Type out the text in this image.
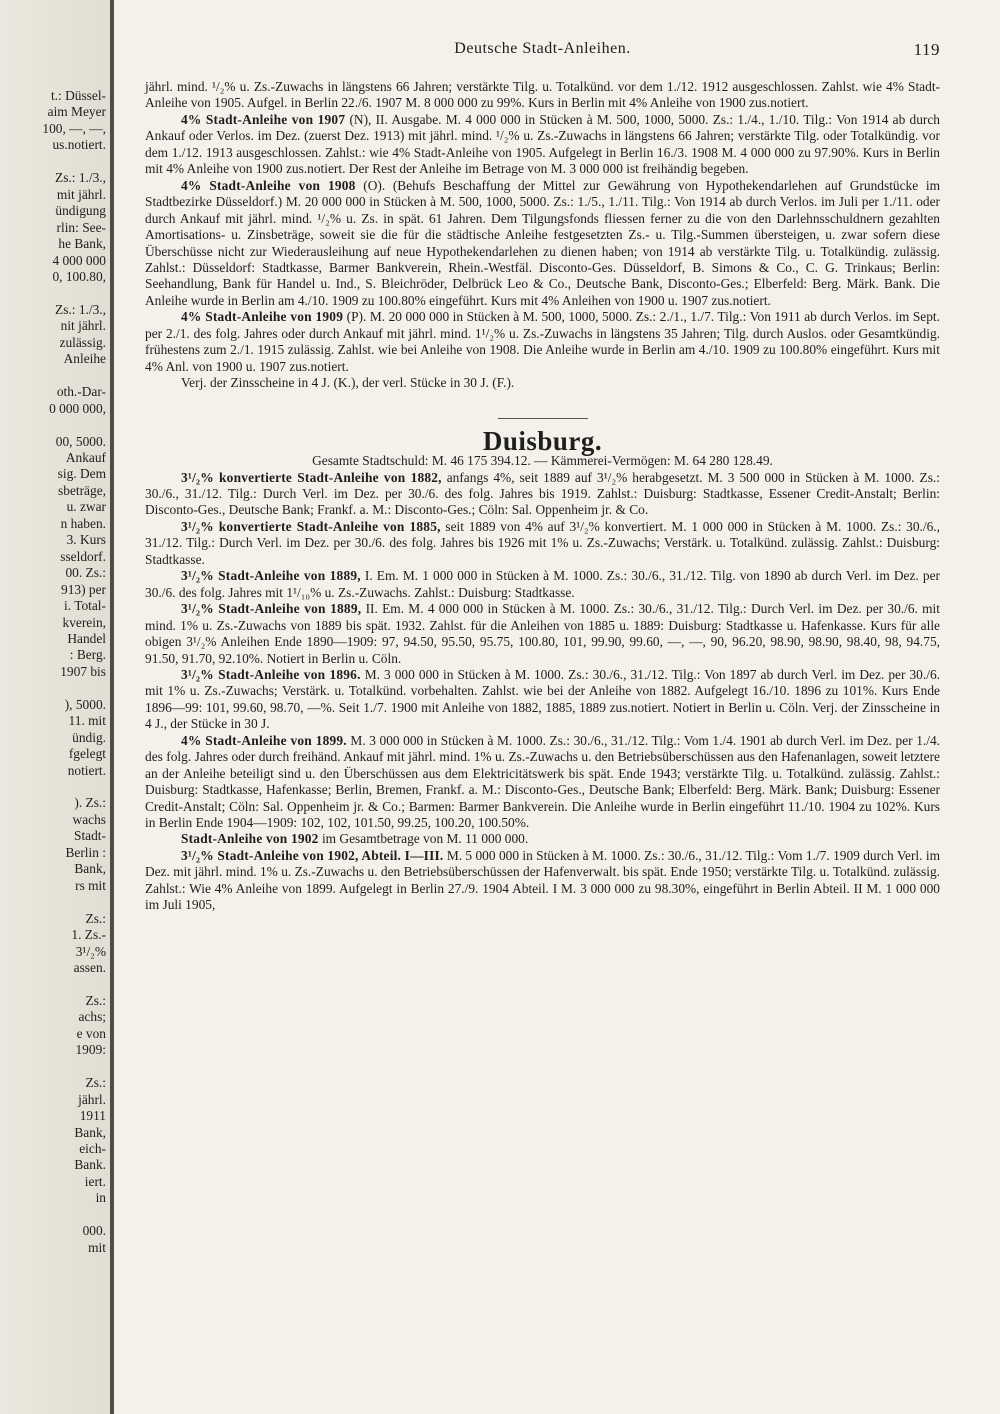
t.: Düssel-
aim Meyer
100, —, —,
us.notiert.

Zs.: 1./3.,
mit jährl.
ündigung
rlin: See-
he Bank,
4 000 000
0, 100.80,

Zs.: 1./3.,
nit jährl.
zulässig.
Anleihe

oth.-Dar-
0 000 000,

00, 5000.
Ankauf
sig. Dem
sbeträge,
u. zwar
n haben.
3. Kurs
sseldorf.
00. Zs.:
913) per
i. Total-
kverein,
Handel
: Berg.
1907 bis

), 5000.
11. mit
ündig.
fgelegt
notiert.

). Zs.:
wachs
Stadt-
Berlin :
Bank,
rs mit

Zs.:
1. Zs.-
3¹/₂%
assen.

Zs.:
achs;
e von
1909:

Zs.:
jährl.
1911
Bank,
eich-
Bank.
iert.
in

000.
mit
Deutsche Stadt-Anleihen.	119

jährl. mind. ¹/₂% u. Zs.-Zuwachs in längstens 66 Jahren; verstärkte Tilg. u. Totalkünd. vor dem 1./12. 1912 ausgeschlossen. Zahlst. wie 4% Stadt-Anleihe von 1905. Aufgel. in Berlin 22./6. 1907 M. 8 000 000 zu 99%. Kurs in Berlin mit 4% Anleihe von 1900 zus.notiert.

4% Stadt-Anleihe von 1907 (N), II. Ausgabe. M. 4 000 000 in Stücken à M. 500, 1000, 5000. Zs.: 1./4., 1./10. Tilg.: Von 1914 ab durch Ankauf oder Verlos. im Dez. (zuerst Dez. 1913) mit jährl. mind. ¹/₂% u. Zs.-Zuwachs in längstens 66 Jahren; verstärkte Tilg. oder Totalkündig. vor dem 1./12. 1913 ausgeschlossen. Zahlst.: wie 4% Stadt-Anleihe von 1905. Aufgelegt in Berlin 16./3. 1908 M. 4 000 000 zu 97.90%. Kurs in Berlin mit 4% Anleihe von 1900 zus.notiert. Der Rest der Anleihe im Betrage von M. 3 000 000 ist freihändig begeben.

4% Stadt-Anleihe von 1908 (O). (Behufs Beschaffung der Mittel zur Gewährung von Hypothekendarlehen auf Grundstücke im Stadtbezirke Düsseldorf.) M. 20 000 000 in Stücken à M. 500, 1000, 5000. Zs.: 1./5., 1./11. Tilg.: Von 1914 ab durch Verlos. im Juli per 1./11. oder durch Ankauf mit jährl. mind. ¹/₂% u. Zs. in spät. 61 Jahren. Dem Tilgungsfonds fliessen ferner zu die von den Darlehnsschuldnern gezahlten Amortisations- u. Zinsbeträge, soweit sie die für die städtische Anleihe festgesetzten Zs.- u. Tilg.-Summen übersteigen, u. zwar sofern diese Überschüsse nicht zur Wiederausleihung auf neue Hypothekendarlehen zu dienen haben; von 1914 ab verstärkte Tilg. u. Totalkündig. zulässig. Zahlst.: Düsseldorf: Stadtkasse, Barmer Bankverein, Rhein.-Westfäl. Disconto-Ges. Düsseldorf, B. Simons & Co., C. G. Trinkaus; Berlin: Seehandlung, Bank für Handel u. Ind., S. Bleichröder, Delbrück Leo & Co., Deutsche Bank, Disconto-Ges.; Elberfeld: Berg. Märk. Bank. Die Anleihe wurde in Berlin am 4./10. 1909 zu 100.80% eingeführt. Kurs mit 4% Anleihen von 1900 u. 1907 zus.notiert.

4% Stadt-Anleihe von 1909 (P). M. 20 000 000 in Stücken à M. 500, 1000, 5000. Zs.: 2./1., 1./7. Tilg.: Von 1911 ab durch Verlos. im Sept. per 2./1. des folg. Jahres oder durch Ankauf mit jährl. mind. 1¹/₂% u. Zs.-Zuwachs in längstens 35 Jahren; Tilg. durch Auslos. oder Gesamtkündig. frühestens zum 2./1. 1915 zulässig. Zahlst. wie bei Anleihe von 1908. Die Anleihe wurde in Berlin am 4./10. 1909 zu 100.80% eingeführt. Kurs mit 4% Anl. von 1900 u. 1907 zus.notiert.

Verj. der Zinsscheine in 4 J. (K.), der verl. Stücke in 30 J. (F.).

Duisburg.

Gesamte Stadtschuld: M. 46 175 394.12. — Kämmerei-Vermögen: M. 64 280 128.49.

3¹/₂% konvertierte Stadt-Anleihe von 1882, anfangs 4%, seit 1889 auf 3¹/₂% herabgesetzt. M. 3 500 000 in Stücken à M. 1000. Zs.: 30./6., 31./12. Tilg.: Durch Verl. im Dez. per 30./6. des folg. Jahres bis 1919. Zahlst.: Duisburg: Stadtkasse, Essener Credit-Anstalt; Berlin: Disconto-Ges., Deutsche Bank; Frankf. a. M.: Disconto-Ges.; Cöln: Sal. Oppenheim jr. & Co.

3¹/₂% konvertierte Stadt-Anleihe von 1885, seit 1889 von 4% auf 3¹/₂% konvertiert. M. 1 000 000 in Stücken à M. 1000. Zs.: 30./6., 31./12. Tilg.: Durch Verl. im Dez. per 30./6. des folg. Jahres bis 1926 mit 1% u. Zs.-Zuwachs; Verstärk. u. Totalkünd. zulässig. Zahlst.: Duisburg: Stadtkasse.

3¹/₂% Stadt-Anleihe von 1889, I. Em. M. 1 000 000 in Stücken à M. 1000. Zs.: 30./6., 31./12. Tilg. von 1890 ab durch Verl. im Dez. per 30./6. des folg. Jahres mit 1¹/₁₀% u. Zs.-Zuwachs. Zahlst.: Duisburg: Stadtkasse.

3¹/₂% Stadt-Anleihe von 1889, II. Em. M. 4 000 000 in Stücken à M. 1000. Zs.: 30./6., 31./12. Tilg.: Durch Verl. im Dez. per 30./6. mit mind. 1% u. Zs.-Zuwachs von 1889 bis spät. 1932. Zahlst. für die Anleihen von 1885 u. 1889: Duisburg: Stadtkasse u. Hafenkasse. Kurs für alle obigen 3¹/₂% Anleihen Ende 1890—1909: 97, 94.50, 95.50, 95.75, 100.80, 101, 99.90, 99.60, —, —, 90, 96.20, 98.90, 98.90, 98.40, 98, 94.75, 91.50, 91.70, 92.10%. Notiert in Berlin u. Cöln.

3¹/₂% Stadt-Anleihe von 1896. M. 3 000 000 in Stücken à M. 1000. Zs.: 30./6., 31./12. Tilg.: Von 1897 ab durch Verl. im Dez. per 30./6. mit 1% u. Zs.-Zuwachs; Verstärk. u. Totalkünd. vorbehalten. Zahlst. wie bei der Anleihe von 1882. Aufgelegt 16./10. 1896 zu 101%. Kurs Ende 1896—99: 101, 99.60, 98.70, —%. Seit 1./7. 1900 mit Anleihe von 1882, 1885, 1889 zus.notiert. Notiert in Berlin u. Cöln. Verj. der Zinsscheine in 4 J., der Stücke in 30 J.

4% Stadt-Anleihe von 1899. M. 3 000 000 in Stücken à M. 1000. Zs.: 30./6., 31./12. Tilg.: Vom 1./4. 1901 ab durch Verl. im Dez. per 1./4. des folg. Jahres oder durch freihänd. Ankauf mit jährl. mind. 1% u. Zs.-Zuwachs u. den Betriebsüberschüssen aus den Hafenanlagen, soweit letztere an der Anleihe beteiligt sind u. den Überschüssen aus dem Elektricitätswerk bis spät. Ende 1943; verstärkte Tilg. u. Totalkünd. zulässig. Zahlst.: Duisburg: Stadtkasse, Hafenkasse; Berlin, Bremen, Frankf. a. M.: Disconto-Ges., Deutsche Bank; Elberfeld: Berg. Märk. Bank; Duisburg: Essener Credit-Anstalt; Cöln: Sal. Oppenheim jr. & Co.; Barmen: Barmer Bankverein. Die Anleihe wurde in Berlin eingeführt 11./10. 1904 zu 102%. Kurs in Berlin Ende 1904—1909: 102, 102, 101.50, 99.25, 100.20, 100.50%.

Stadt-Anleihe von 1902 im Gesamtbetrage von M. 11 000 000.

3¹/₂% Stadt-Anleihe von 1902, Abteil. I—III. M. 5 000 000 in Stücken à M. 1000. Zs.: 30./6., 31./12. Tilg.: Vom 1./7. 1909 durch Verl. im Dez. mit jährl. mind. 1% u. Zs.-Zuwachs u. den Betriebsüberschüssen der Hafenverwalt. bis spät. Ende 1950; verstärkte Tilg. u. Totalkünd. zulässig. Zahlst.: Wie 4% Anleihe von 1899. Aufgelegt in Berlin 27./9. 1904 Abteil. I M. 3 000 000 zu 98.30%, eingeführt in Berlin Abteil. II M. 1 000 000 im Juli 1905,
